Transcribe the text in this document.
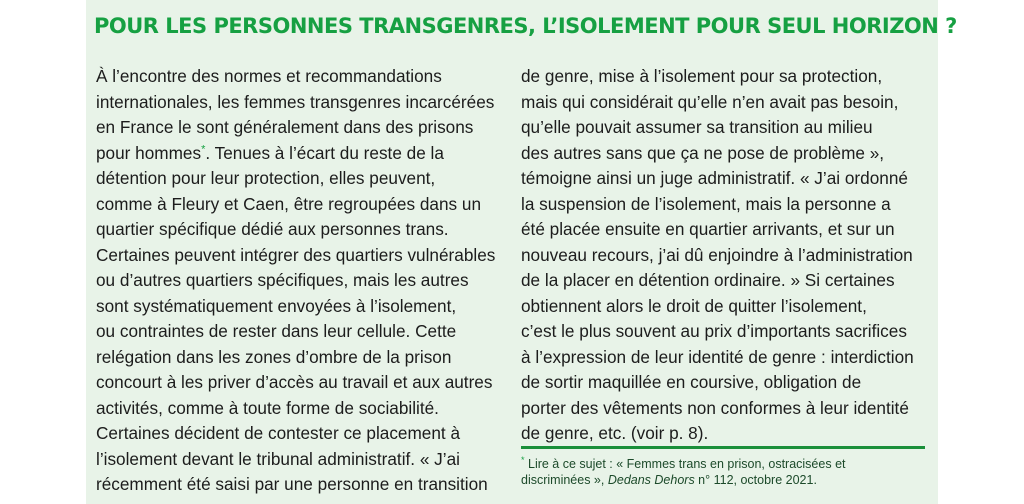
POUR LES PERSONNES TRANSGENRES, L’ISOLEMENT POUR SEUL HORIZON ?
À l’encontre des normes et recommandations
internationales, les femmes transgenres incarcérées
en France le sont généralement dans des prisons
pour hommes*. Tenues à l’écart du reste de la
détention pour leur protection, elles peuvent,
comme à Fleury et Caen, être regroupées dans un
quartier spécifique dédié aux personnes trans.
Certaines peuvent intégrer des quartiers vulnérables
ou d’autres quartiers spécifiques, mais les autres
sont systématiquement envoyées à l’isolement,
ou contraintes de rester dans leur cellule. Cette
relégation dans les zones d’ombre de la prison
concourt à les priver d’accès au travail et aux autres
activités, comme à toute forme de sociabilité.
Certaines décident de contester ce placement à
l’isolement devant le tribunal administratif. « J’ai
récemment été saisi par une personne en transition
de genre, mise à l’isolement pour sa protection,
mais qui considérait qu’elle n’en avait pas besoin,
qu’elle pouvait assumer sa transition au milieu
des autres sans que ça ne pose de problème »,
témoigne ainsi un juge administratif. « J’ai ordonné
la suspension de l’isolement, mais la personne a
été placée ensuite en quartier arrivants, et sur un
nouveau recours, j’ai dû enjoindre à l’administration
de la placer en détention ordinaire. » Si certaines
obtiennent alors le droit de quitter l’isolement,
c’est le plus souvent au prix d’importants sacrifices
à l’expression de leur identité de genre : interdiction
de sortir maquillée en coursive, obligation de
porter des vêtements non conformes à leur identité
de genre, etc. (voir p. 8).
* Lire à ce sujet : « Femmes trans en prison, ostracisées et
discriminées », Dedans Dehors n° 112, octobre 2021.
